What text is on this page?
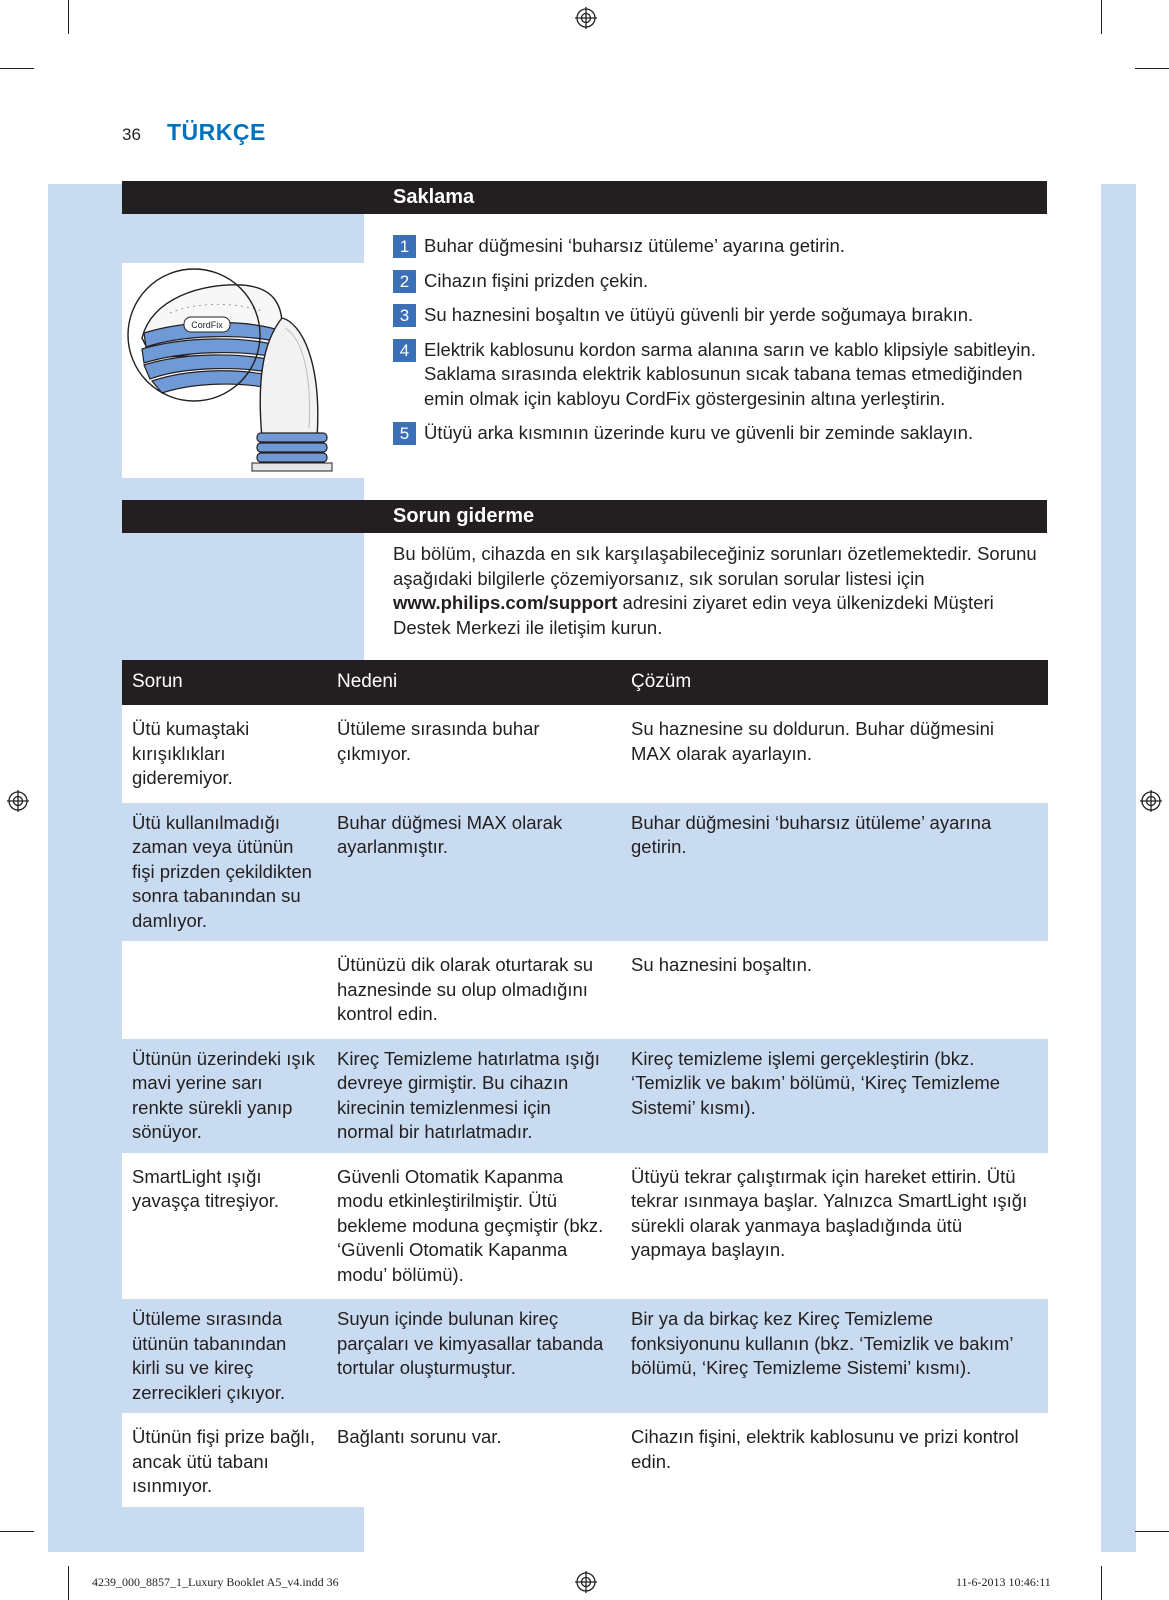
36 TÜRKÇE
Saklama
CordFix
1 Buhar düğmesini ‘buharsız ütüleme’ ayarına getirin.
2 Cihazın fişini prizden çekin.
3 Su haznesini boşaltın ve ütüyü güvenli bir yerde soğumaya bırakın.
4 Elektrik kablosunu kordon sarma alanına sarın ve kablo klipsiyle sabitleyin. Saklama sırasında elektrik kablosunun sıcak tabana temas etmediğinden emin olmak için kabloyu CordFix göstergesinin altına yerleştirin.
5 Ütüyü arka kısmının üzerinde kuru ve güvenli bir zeminde saklayın.
Sorun giderme
Bu bölüm, cihazda en sık karşılaşabileceğiniz sorunları özetlemektedir. Sorunu aşağıdaki bilgilerle çözemiyorsanız, sık sorulan sorular listesi için www.philips.com/support adresini ziyaret edin veya ülkenizdeki Müşteri Destek Merkezi ile iletişim kurun.
Sorun	Nedeni	Çözüm
Ütü kumaştaki kırışıklıkları gideremiyor.	Ütüleme sırasında buhar çıkmıyor.	Su haznesine su doldurun. Buhar düğmesini MAX olarak ayarlayın.
Ütü kullanılmadığı zaman veya ütünün fişi prizden çekildikten sonra tabanından su damlıyor.	Buhar düğmesi MAX olarak ayarlanmıştır.	Buhar düğmesini ‘buharsız ütüleme’ ayarına getirin.
	Ütünüzü dik olarak oturtarak su haznesinde su olup olmadığını kontrol edin.	Su haznesini boşaltın.
Ütünün üzerindeki ışık mavi yerine sarı renkte sürekli yanıp sönüyor.	Kireç Temizleme hatırlatma ışığı devreye girmiştir. Bu cihazın kirecinin temizlenmesi için normal bir hatırlatmadır.	Kireç temizleme işlemi gerçekleştirin (bkz. ‘Temizlik ve bakım’ bölümü, ‘Kireç Temizleme Sistemi’ kısmı).
SmartLight ışığı yavaşça titreşiyor.	Güvenli Otomatik Kapanma modu etkinleştirilmiştir. Ütü bekleme moduna geçmiştir (bkz. ‘Güvenli Otomatik Kapanma modu’ bölümü).	Ütüyü tekrar çalıştırmak için hareket ettirin. Ütü tekrar ısınmaya başlar. Yalnızca SmartLight ışığı sürekli olarak yanmaya başladığında ütü yapmaya başlayın.
Ütüleme sırasında ütünün tabanından kirli su ve kireç zerrecikleri çıkıyor.	Suyun içinde bulunan kireç parçaları ve kimyasallar tabanda tortular oluşturmuştur.	Bir ya da birkaç kez Kireç Temizleme fonksiyonunu kullanın (bkz. ‘Temizlik ve bakım’ bölümü, ‘Kireç Temizleme Sistemi’ kısmı).
Ütünün fişi prize bağlı, ancak ütü tabanı ısınmıyor.	Bağlantı sorunu var.	Cihazın fişini, elektrik kablosunu ve prizi kontrol edin.
4239_000_8857_1_Luxury Booklet A5_v4.indd 36	11-6-2013 10:46:11
